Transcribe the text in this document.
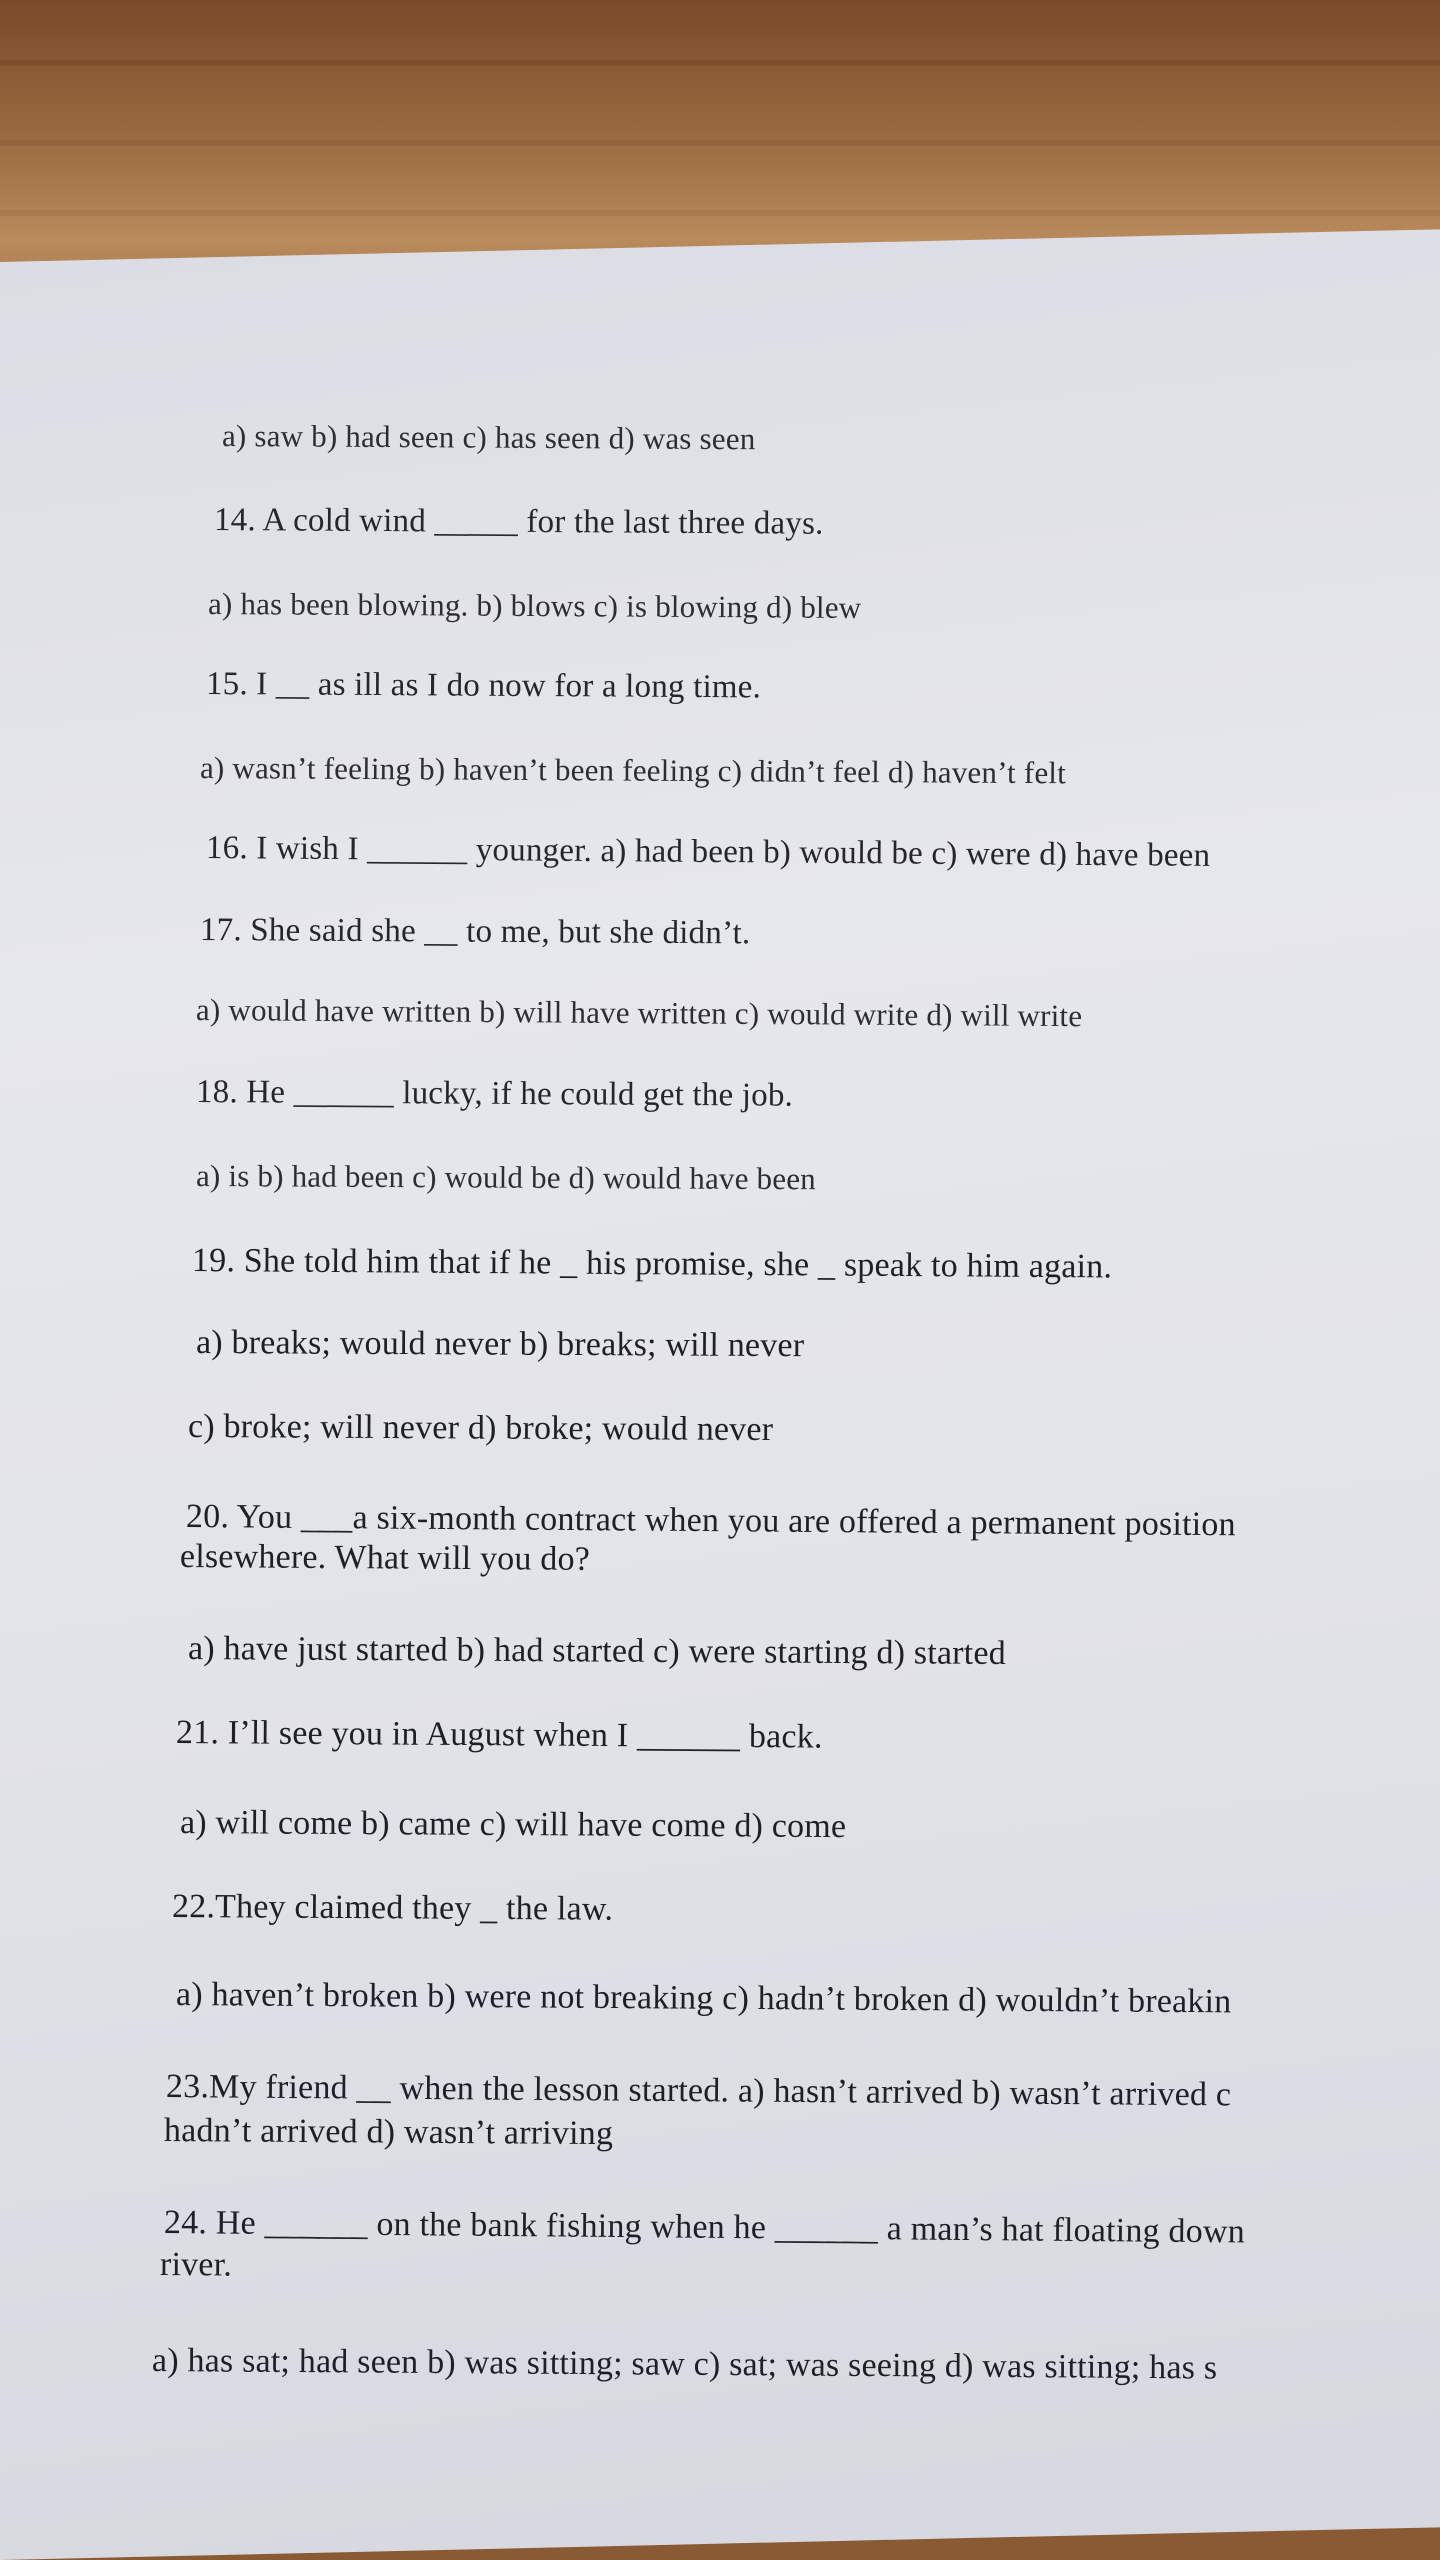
a) saw b) had seen c) has seen d) was seen
14. A cold wind _____ for the last three days.
a) has been blowing. b) blows c) is blowing d) blew
15. I __ as ill as I do now for a long time.
a) wasn’t feeling b) haven’t been feeling c) didn’t feel d) haven’t felt
16. I wish I ______ younger. a) had been b) would be c) were d) have been
17. She said she __ to me, but she didn’t.
a) would have written b) will have written c) would write d) will write
18. He ______ lucky, if he could get the job.
a) is b) had been c) would be d) would have been
19. She told him that if he _ his promise, she _ speak to him again.
a) breaks; would never b) breaks; will never
c) broke; will never d) broke; would never
20. You ___a six-month contract when you are offered a permanent position
elsewhere. What will you do?
a) have just started b) had started c) were starting d) started
21. I’ll see you in August when I ______ back.
a) will come b) came c) will have come d) come
22.They claimed they _ the law.
a) haven’t broken b) were not breaking c) hadn’t broken d) wouldn’t breakin
23.My friend __ when the lesson started. a) hasn’t arrived b) wasn’t arrived c
hadn’t arrived d) wasn’t arriving
24. He ______ on the bank fishing when he ______ a man’s hat floating down
river.
a) has sat; had seen b) was sitting; saw c) sat; was seeing d) was sitting; has s
